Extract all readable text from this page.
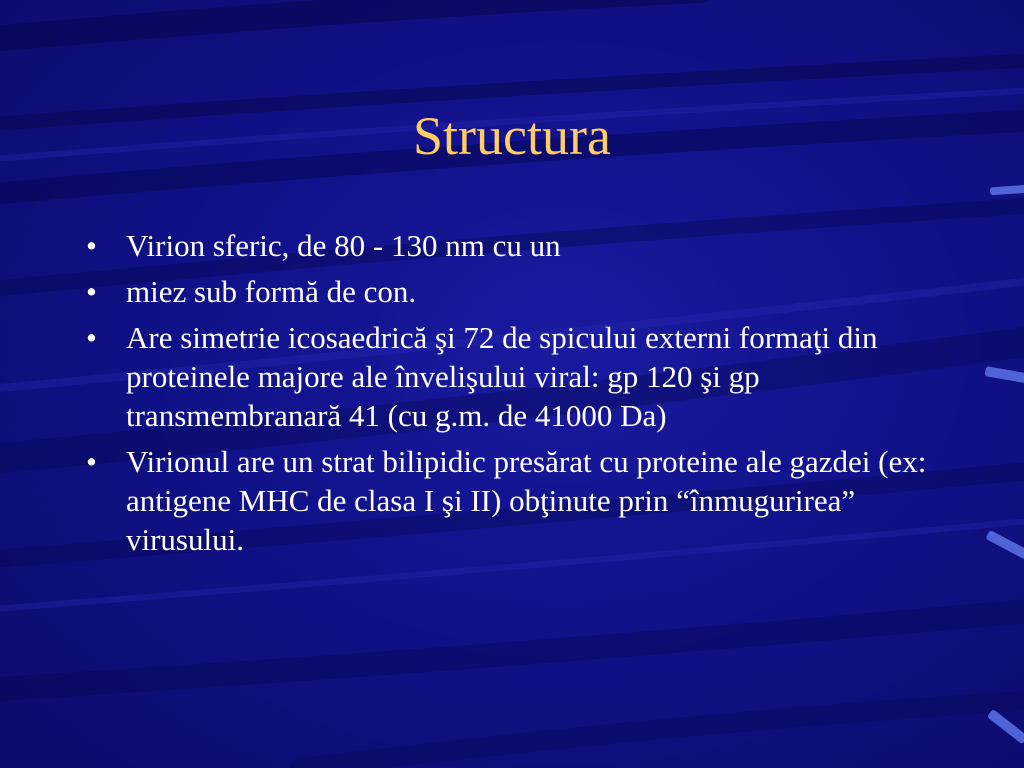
Structura
• Virion sferic, de 80 - 130 nm cu un
• miez sub formă de con.
• Are simetrie icosaedrică şi 72 de spicului externi formaţi din proteinele majore ale învelişului viral: gp 120 şi gp transmembranară 41 (cu g.m. de 41000 Da)
• Virionul are un strat bilipidic presărat cu proteine ale gazdei (ex: antigene MHC de clasa I şi II) obţinute prin “înmugurirea” virusului.
